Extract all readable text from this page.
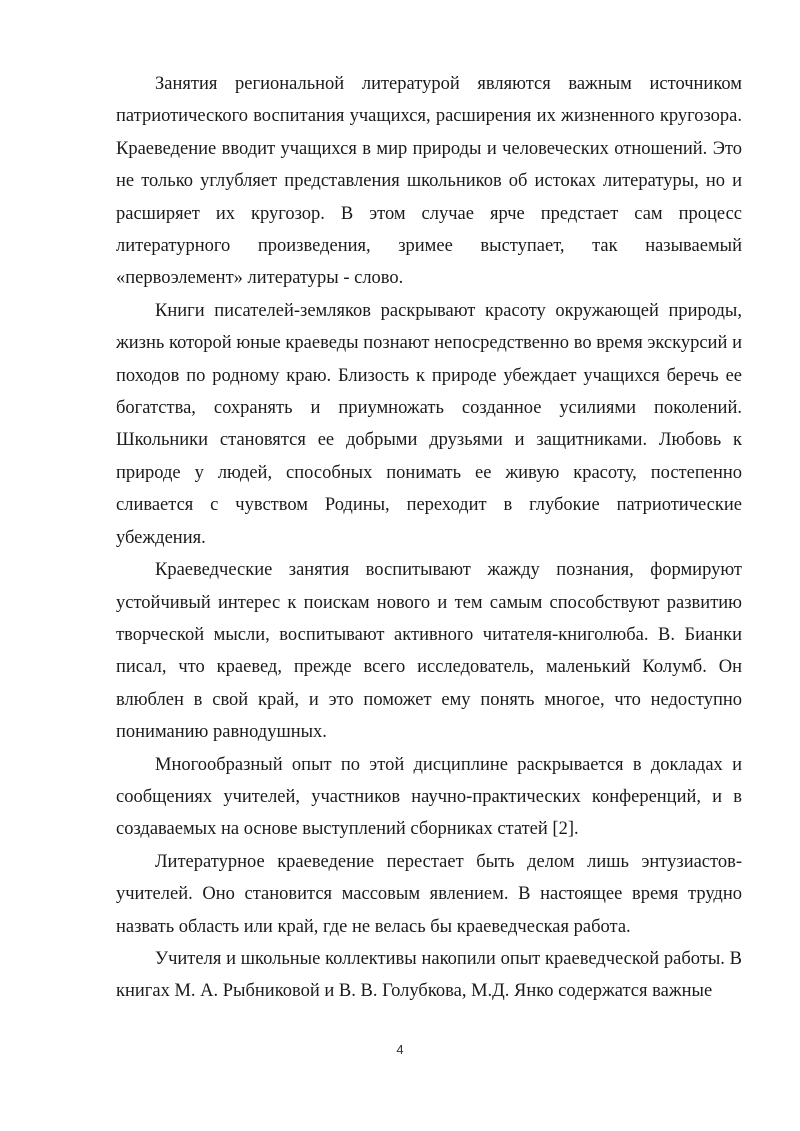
Занятия региональной литературой являются важным источником патриотического воспитания учащихся, расширения их жизненного кругозора. Краеведение вводит учащихся в мир природы и человеческих отношений. Это не только углубляет представления школьников об истоках литературы, но и расширяет их кругозор. В этом случае ярче предстает сам процесс литературного произведения, зримее выступает, так называемый «первоэлемент» литературы - слово.

Книги писателей-земляков раскрывают красоту окружающей природы, жизнь которой юные краеведы познают непосредственно во время экскурсий и походов по родному краю. Близость к природе убеждает учащихся беречь ее богатства, сохранять и приумножать созданное усилиями поколений. Школьники становятся ее добрыми друзьями и защитниками. Любовь к природе у людей, способных понимать ее живую красоту, постепенно сливается с чувством Родины, переходит в глубокие патриотические убеждения.

Краеведческие занятия воспитывают жажду познания, формируют устойчивый интерес к поискам нового и тем самым способствуют развитию творческой мысли, воспитывают активного читателя-книголюба. В. Бианки писал, что краевед, прежде всего исследователь, маленький Колумб. Он влюблен в свой край, и это поможет ему понять многое, что недоступно пониманию равнодушных.

Многообразный опыт по этой дисциплине раскрывается в докладах и сообщениях учителей, участников научно-практических конференций, и в создаваемых на основе выступлений сборниках статей [2].

Литературное краеведение перестает быть делом лишь энтузиастов-учителей. Оно становится массовым явлением. В настоящее время трудно назвать область или край, где не велась бы краеведческая работа.

Учителя и школьные коллективы накопили опыт краеведческой работы. В книгах М. А. Рыбниковой и В. В. Голубкова, М.Д. Янко содержатся важные

4
